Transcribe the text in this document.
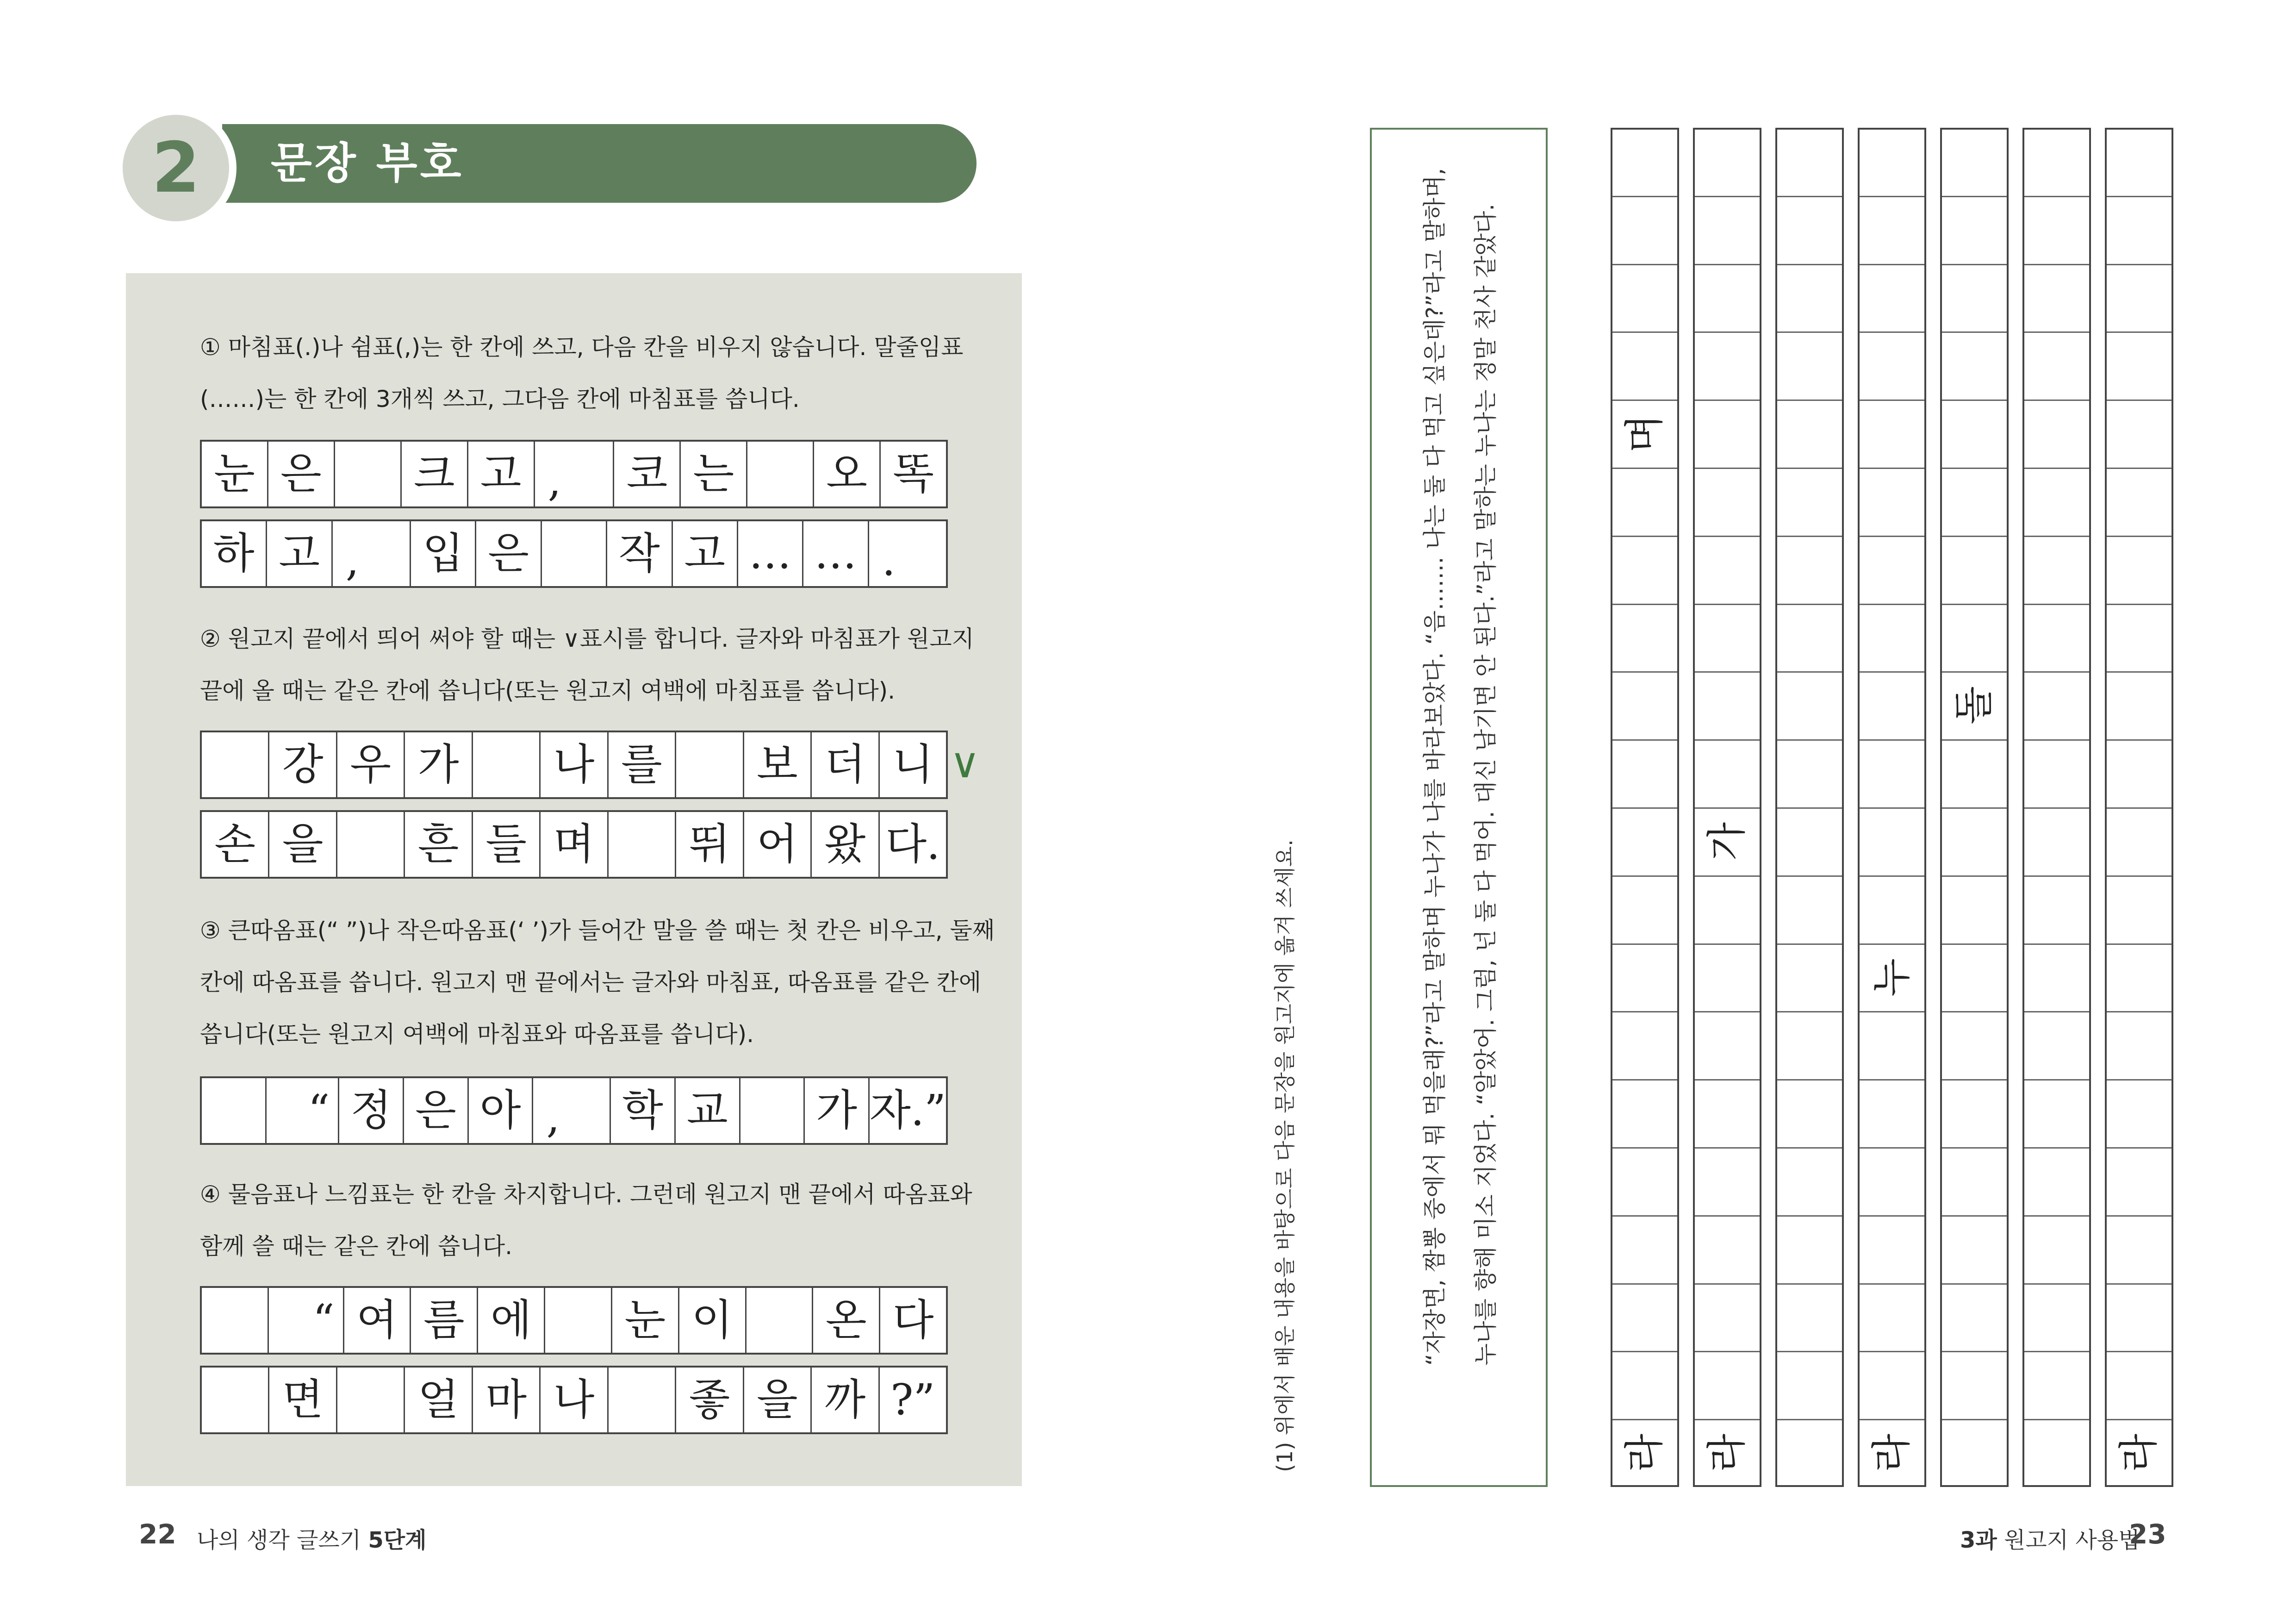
2	문장 부호
① 마침표(.)나 쉼표(,)는 한 칸에 쓰고, 다음 칸을 비우지 않습니다. 말줄임표
(……)는 한 칸에 3개씩 쓰고, 그다음 칸에 마침표를 씁니다.
눈 은	크 고 ,	코 는	오 똑
하 고 ,	입 은	작 고 … … .
② 원고지 끝에서 띄어 써야 할 때는 ∨표시를 합니다. 글자와 마침표가 원고지
끝에 올 때는 같은 칸에 씁니다(또는 원고지 여백에 마침표를 씁니다).
강 우 가	나 를	보 더 니
손 을	흔 들 며	뛰 어 왔 다.
∨
③ 큰따옴표(“ ”)나 작은따옴표(‘ ’)가 들어간 말을 쓸 때는 첫 칸은 비우고, 둘째
칸에 따옴표를 씁니다. 원고지 맨 끝에서는 글자와 마침표, 따옴표를 같은 칸에
씁니다(또는 원고지 여백에 마침표와 따옴표를 씁니다).
“ 정 은 아 ,	학 교 가 자.”
④ 물음표나 느낌표는 한 칸을 차지합니다. 그런데 원고지 맨 끝에서 따옴표와
함께 쓸 때는 같은 칸에 씁니다.
“ 여 름 에	눈 이	온 다
면	얼 마 나	좋 을 까 ?”
22 나의 생각 글쓰기 5단계
(1) 위에서 배운 내용을 바탕으로 다음 문장을 원고지에 옮겨 쓰세요.	“자장면, 짬뽕 중에서 뭐 먹을래?”라고 말하며 누나가 나를 바라보았다. “음……. 나는 둘 다 먹고 싶은데?”라고 말하며, 누나를 향해 미소 지었다. “알았어. 그럼, 넌 둘 다 먹어. 대신 남기면 안 된다.”라고 말하는 누나는 정말 천사 같았다.
라
며
라
가
라
누
돌
라
3과 원고지 사용법
23
